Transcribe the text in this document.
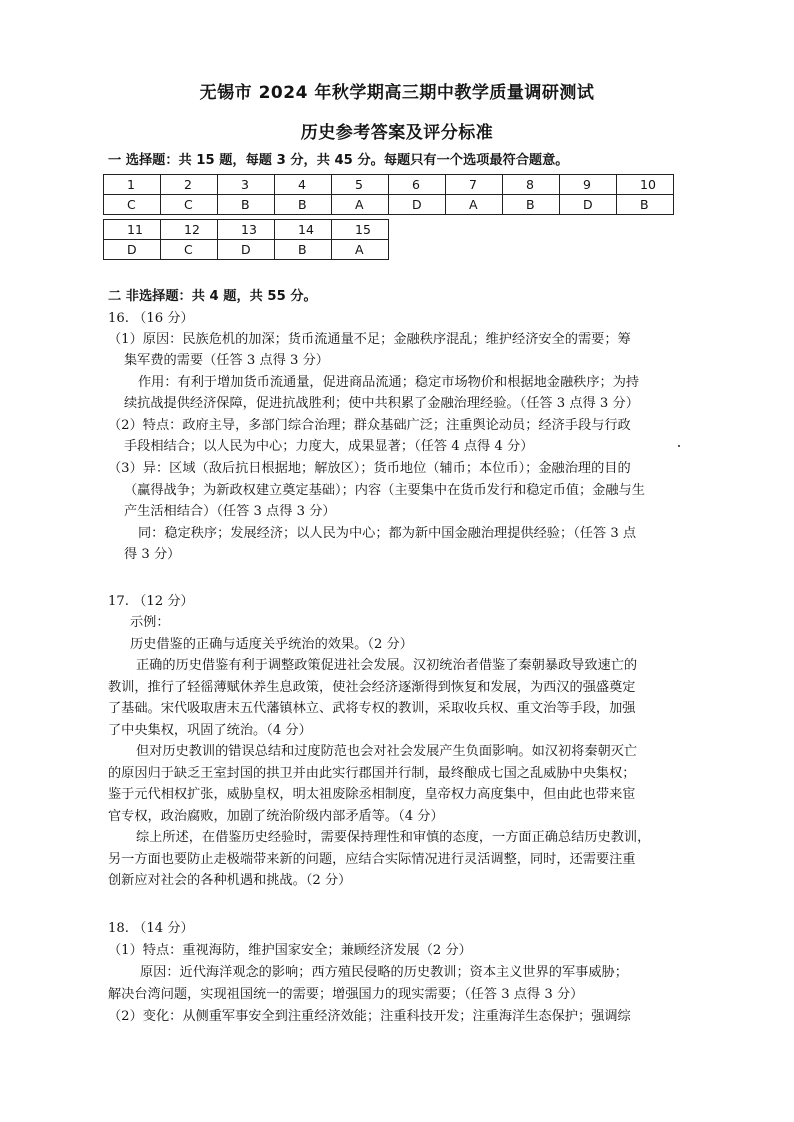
无锡市 2024 年秋学期高三期中教学质量调研测试
历史参考答案及评分标准
一 选择题：共 15 题，每题 3 分，共 45 分。每题只有一个选项最符合题意。
1	2	3	4	5	6	7	8	9	10
C	C	B	B	A	D	A	B	D	B
11	12	13	14	15
D	C	D	B	A
二 非选择题：共 4 题，共 55 分。
16. （16 分）
（1）原因：民族危机的加深；货币流通量不足；金融秩序混乱；维护经济安全的需要；筹
集军费的需要（任答 3 点得 3 分）
作用：有利于增加货币流通量，促进商品流通；稳定市场物价和根据地金融秩序；为持
续抗战提供经济保障，促进抗战胜利；使中共积累了金融治理经验。（任答 3 点得 3 分）
（2）特点：政府主导，多部门综合治理；群众基础广泛；注重舆论动员；经济手段与行政
手段相结合；以人民为中心；力度大，成果显著；（任答 4 点得 4 分）
（3）异：区域（敌后抗日根据地；解放区）；货币地位（辅币；本位币）；金融治理的目的
（赢得战争；为新政权建立奠定基础）；内容（主要集中在货币发行和稳定币值；金融与生
产生活相结合）（任答 3 点得 3 分）
同：稳定秩序；发展经济；以人民为中心；都为新中国金融治理提供经验；（任答 3 点
得 3 分）
17. （12 分）
示例：
历史借鉴的正确与适度关乎统治的效果。（2 分）
正确的历史借鉴有利于调整政策促进社会发展。汉初统治者借鉴了秦朝暴政导致速亡的
教训，推行了轻徭薄赋休养生息政策，使社会经济逐渐得到恢复和发展，为西汉的强盛奠定
了基础。宋代吸取唐末五代藩镇林立、武将专权的教训，采取收兵权、重文治等手段，加强
了中央集权，巩固了统治。（4 分）
但对历史教训的错误总结和过度防范也会对社会发展产生负面影响。如汉初将秦朝灭亡
的原因归于缺乏王室封国的拱卫并由此实行郡国并行制，最终酿成七国之乱威胁中央集权；
鉴于元代相权扩张，威胁皇权，明太祖废除丞相制度，皇帝权力高度集中，但由此也带来宦
官专权，政治腐败，加剧了统治阶级内部矛盾等。（4 分）
综上所述，在借鉴历史经验时，需要保持理性和审慎的态度，一方面正确总结历史教训，
另一方面也要防止走极端带来新的问题，应结合实际情况进行灵活调整，同时，还需要注重
创新应对社会的各种机遇和挑战。（2 分）
18. （14 分）
（1）特点：重视海防，维护国家安全；兼顾经济发展（2 分）
原因：近代海洋观念的影响；西方殖民侵略的历史教训；资本主义世界的军事威胁；
解决台湾问题，实现祖国统一的需要；增强国力的现实需要；（任答 3 点得 3 分）
（2）变化：从侧重军事安全到注重经济效能；注重科技开发；注重海洋生态保护；强调综
